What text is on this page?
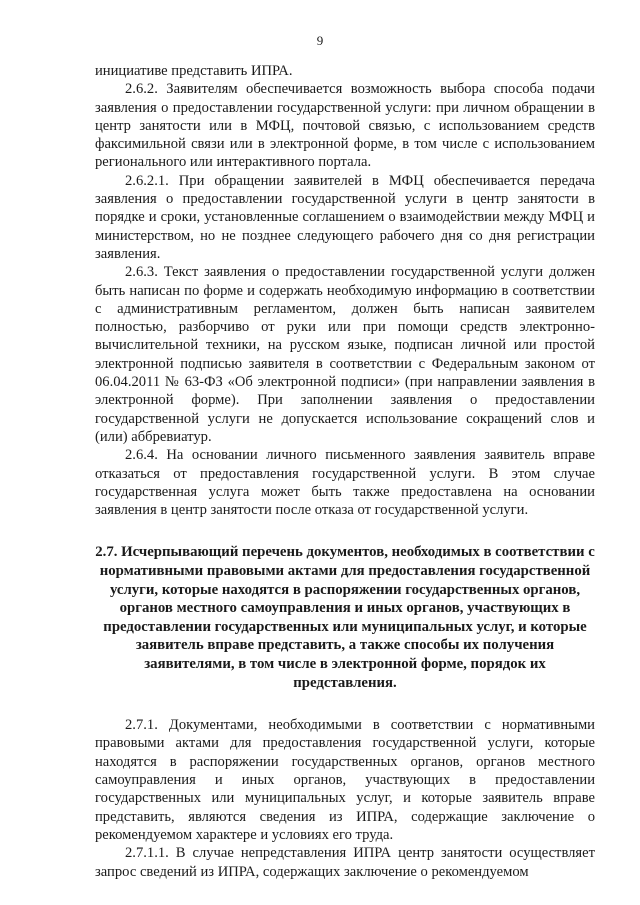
9

инициативе представить ИПРА.

2.6.2. Заявителям обеспечивается возможность выбора способа подачи заявления о предоставлении государственной услуги: при личном обращении в центр занятости или в МФЦ, почтовой связью, с использованием средств факсимильной связи или в электронной форме, в том числе с использованием регионального или интерактивного портала.

2.6.2.1. При обращении заявителей в МФЦ обеспечивается передача заявления о предоставлении государственной услуги в центр занятости в порядке и сроки, установленные соглашением о взаимодействии между МФЦ и министерством, но не позднее следующего рабочего дня со дня регистрации заявления.

2.6.3. Текст заявления о предоставлении государственной услуги должен быть написан по форме и содержать необходимую информацию в соответствии с административным регламентом, должен быть написан заявителем полностью, разборчиво от руки или при помощи средств электронно-вычислительной техники, на русском языке, подписан личной или простой электронной подписью заявителя в соответствии с Федеральным законом от 06.04.2011 № 63-ФЗ «Об электронной подписи» (при направлении заявления в электронной форме). При заполнении заявления о предоставлении государственной услуги не допускается использование сокращений слов и (или) аббревиатур.

2.6.4. На основании личного письменного заявления заявитель вправе отказаться от предоставления государственной услуги. В этом случае государственная услуга может быть также предоставлена на основании заявления в центр занятости после отказа от государственной услуги.

2.7. Исчерпывающий перечень документов, необходимых в соответствии с нормативными правовыми актами для предоставления государственной услуги, которые находятся в распоряжении государственных органов, органов местного самоуправления и иных органов, участвующих в предоставлении государственных или муниципальных услуг, и которые заявитель вправе представить, а также способы их получения заявителями, в том числе в электронной форме, порядок их представления.

2.7.1. Документами, необходимыми в соответствии с нормативными правовыми актами для предоставления государственной услуги, которые находятся в распоряжении государственных органов, органов местного самоуправления и иных органов, участвующих в предоставлении государственных или муниципальных услуг, и которые заявитель вправе представить, являются сведения из ИПРА, содержащие заключение о рекомендуемом характере и условиях его труда.

2.7.1.1. В случае непредставления ИПРА центр занятости осуществляет запрос сведений из ИПРА, содержащих заключение о рекомендуемом
